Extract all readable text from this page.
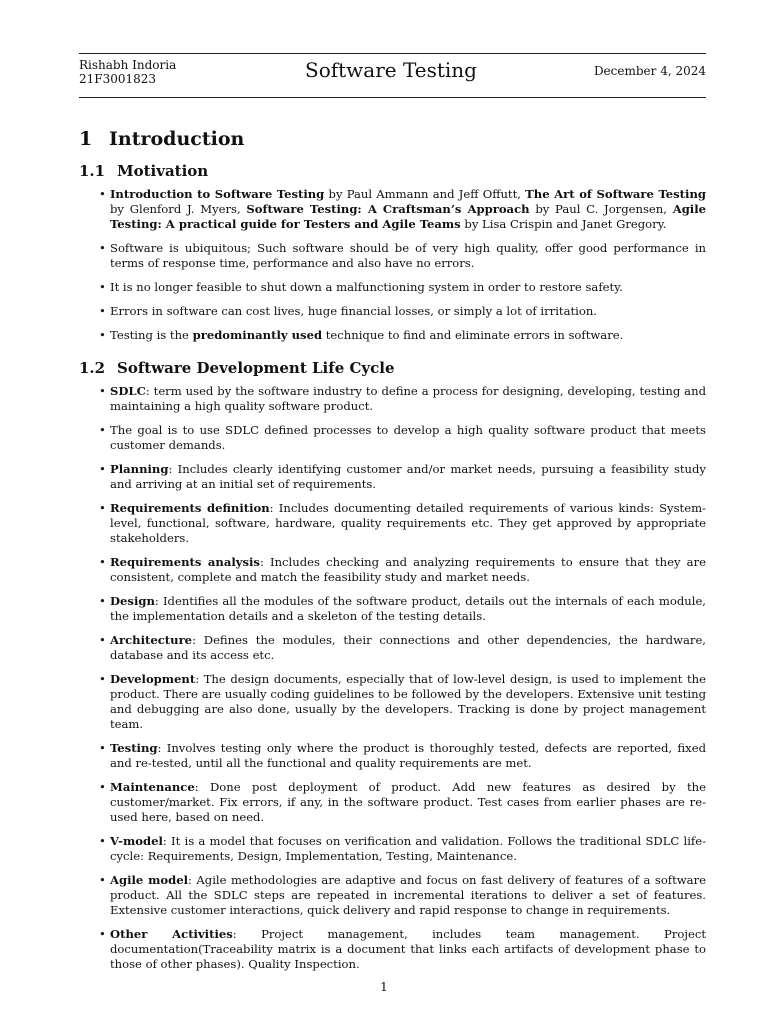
Rishabh Indoria
21F3001823	Software Testing	December 4, 2024
1 Introduction
1.1 Motivation
• Introduction to Software Testing by Paul Ammann and Jeff Offutt, The Art of Software Testing by Glenford J. Myers, Software Testing: A Craftsman’s Approach by Paul C. Jorgensen, Agile Testing: A practical guide for Testers and Agile Teams by Lisa Crispin and Janet Gregory.
• Software is ubiquitous; Such software should be of very high quality, offer good performance in terms of response time, performance and also have no errors.
• It is no longer feasible to shut down a malfunctioning system in order to restore safety.
• Errors in software can cost lives, huge financial losses, or simply a lot of irritation.
• Testing is the predominantly used technique to find and eliminate errors in software.
1.2 Software Development Life Cycle
• SDLC: term used by the software industry to define a process for designing, developing, testing and maintaining a high quality software product.
• The goal is to use SDLC defined processes to develop a high quality software product that meets customer demands.
• Planning: Includes clearly identifying customer and/or market needs, pursuing a feasibility study and arriving at an initial set of requirements.
• Requirements definition: Includes documenting detailed requirements of various kinds: System-level, functional, software, hardware, quality requirements etc. They get approved by appropriate stakeholders.
• Requirements analysis: Includes checking and analyzing requirements to ensure that they are consistent, complete and match the feasibility study and market needs.
• Design: Identifies all the modules of the software product, details out the internals of each module, the implementation details and a skeleton of the testing details.
• Architecture: Defines the modules, their connections and other dependencies, the hardware, database and its access etc.
• Development: The design documents, especially that of low-level design, is used to implement the product. There are usually coding guidelines to be followed by the developers. Extensive unit testing and debugging are also done, usually by the developers. Tracking is done by project management team.
• Testing: Involves testing only where the product is thoroughly tested, defects are reported, fixed and re-tested, until all the functional and quality requirements are met.
• Maintenance: Done post deployment of product. Add new features as desired by the customer/market. Fix errors, if any, in the software product. Test cases from earlier phases are re-used here, based on need.
• V-model: It is a model that focuses on verification and validation. Follows the traditional SDLC life-cycle: Requirements, Design, Implementation, Testing, Maintenance.
• Agile model: Agile methodologies are adaptive and focus on fast delivery of features of a software product. All the SDLC steps are repeated in incremental iterations to deliver a set of features. Extensive customer interactions, quick delivery and rapid response to change in requirements.
• Other Activities: Project management, includes team management. Project documentation(Traceability matrix is a document that links each artifacts of development phase to those of other phases). Quality Inspection.
1
